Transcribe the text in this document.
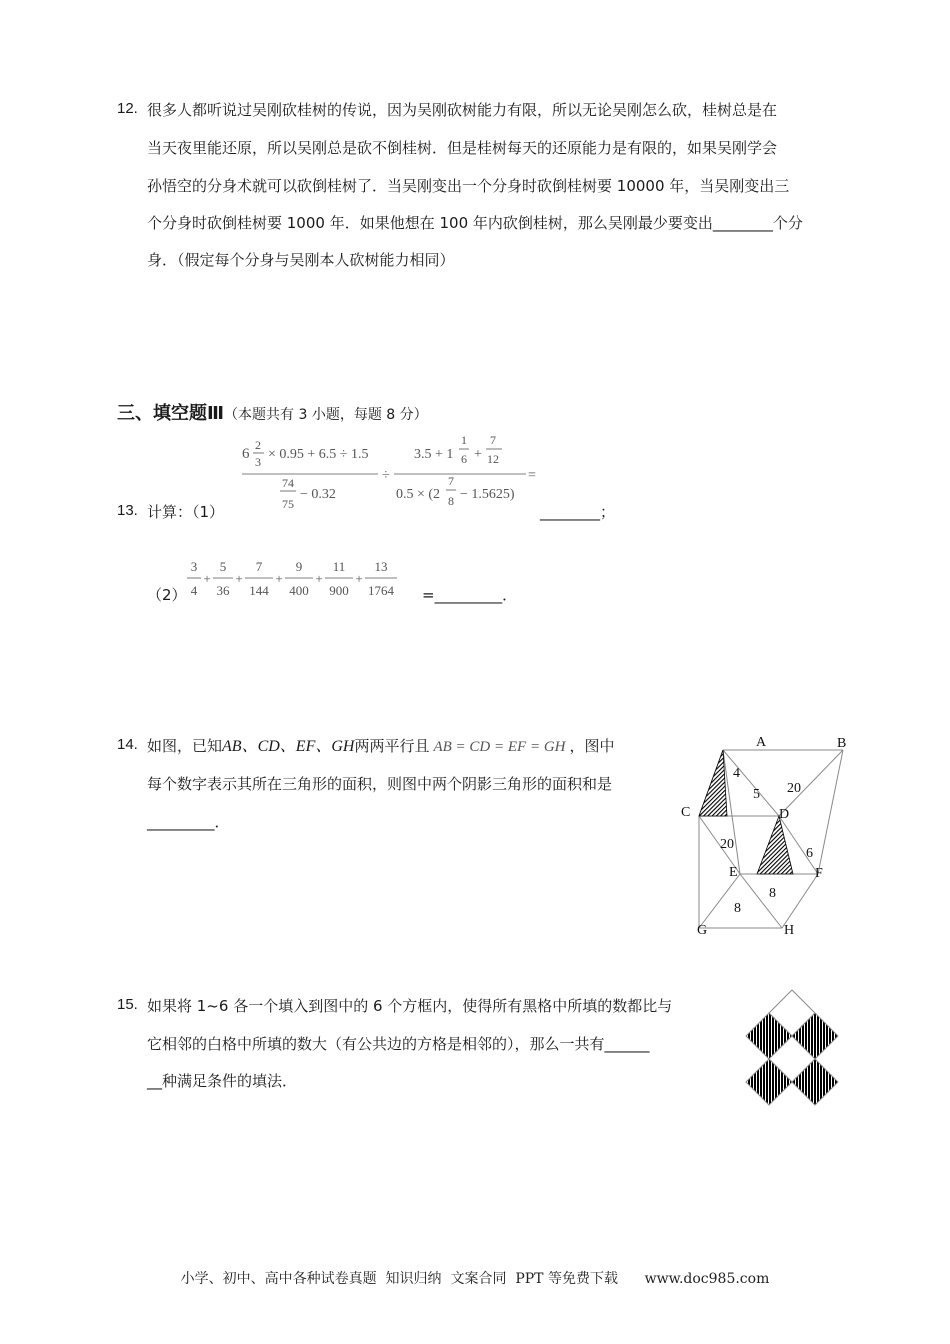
12. 很多人都听说过吴刚砍桂树的传说，因为吴刚砍树能力有限，所以无论吴刚怎么砍，桂树总是在
当天夜里能还原，所以吴刚总是砍不倒桂树．但是桂树每天的还原能力是有限的，如果吴刚学会
孙悟空的分身术就可以砍倒桂树了．当吴刚变出一个分身时砍倒桂树要 10000 年，当吴刚变出三
个分身时砍倒桂树要 1000 年．如果他想在 100 年内砍倒桂树，那么吴刚最少要变出________个分
身．（假定每个分身与吴刚本人砍树能力相同）
三、填空题Ⅲ（本题共有 3 小题，每题 8 分）
13. 计算：（1）
6
2
3 × 0.95 + 6.5 ÷ 1.5
74
75
− 0.32
÷
3.5 + 1
1
6 +
7
12
0.5 × (2
7
8 − 1.5625)
=
________；
（2）
3
4
+
5
36
+
7
144
+
9
400
+
11
900
+
13
1764 =_________．
14. 如图，已知AB、CD、EF、GH两两平行且 AB = CD = EF = GH ，图中
每个数字表示其所在三角形的面积，则图中两个阴影三角形的面积和是
_________．
A	B
C	D
E	F
G	H
4
5 20
20
6
8
8
15. 如果将 1~6 各一个填入到图中的 6 个方框内，使得所有黑格中所填的数都比与
它相邻的白格中所填的数大（有公共边的方格是相邻的），那么一共有______
__种满足条件的填法．
小学、初中、高中各种试卷真题  知识归纳  文案合同  PPT 等免费下载      www.doc985.com
